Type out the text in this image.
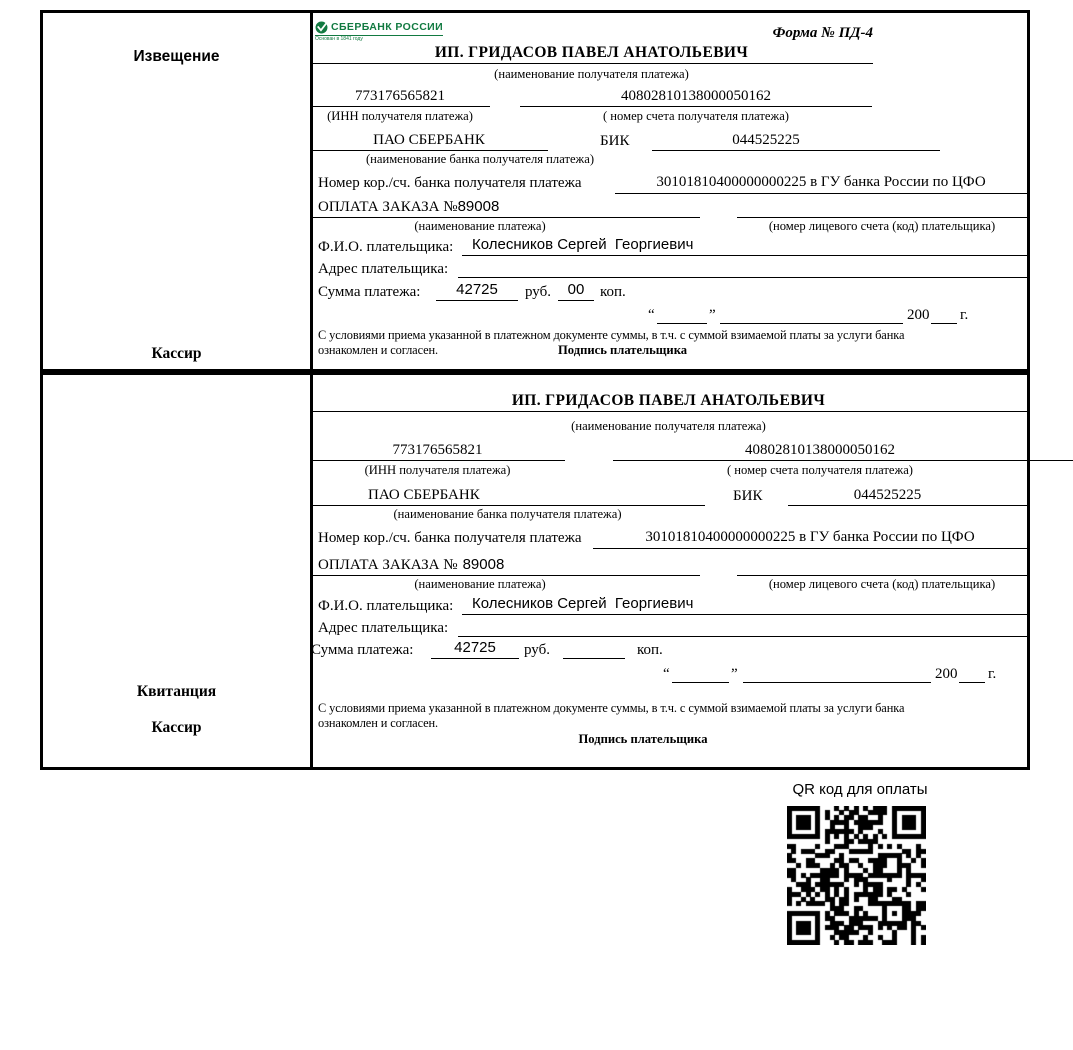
Извещение
Кассир
СБЕРБАНК РОССИИ
Основан в 1841 году	Форма № ПД-4
ИП. ГРИДАСОВ ПАВЕЛ АНАТОЛЬЕВИЧ
(наименование получателя платежа)
773176565821	40802810138000050162
(ИНН получателя платежа)	( номер счета получателя платежа)
ПАО СБЕРБАНК	БИК	044525225
(наименование банка получателя платежа)
Номер кор./сч. банка получателя платежа	30101810400000000225 в ГУ банка России по ЦФО
ОПЛАТА ЗАКАЗА №89008
(наименование платежа)	(номер лицевого счета (код) плательщика)
Ф.И.О. плательщика:	Колесников Сергей  Георгиевич
Адрес плательщика:
Сумма платежа:	42725	руб.	00	коп.
“	”	200 г.
С условиями приема указанной в платежном документе суммы, в т.ч. с суммой взимаемой платы за услуги банка
ознакомлен и согласен.	Подпись плательщика
Квитанция
Кассир
ИП. ГРИДАСОВ ПАВЕЛ АНАТОЛЬЕВИЧ
(наименование получателя платежа)
773176565821	40802810138000050162
(ИНН получателя платежа)	( номер счета получателя платежа)
ПАО СБЕРБАНК	БИК	044525225
(наименование банка получателя платежа)
Номер кор./сч. банка получателя платежа	30101810400000000225 в ГУ банка России по ЦФО
ОПЛАТА ЗАКАЗА № 89008
(наименование платежа)	(номер лицевого счета (код) плательщика)
Ф.И.О. плательщика:	Колесников Сергей  Георгиевич
Адрес плательщика:
Сумма платежа:	42725	руб.	коп.
“	”	200 г.
С условиями приема указанной в платежном документе суммы, в т.ч. с суммой взимаемой платы за услуги банка
ознакомлен и согласен.
Подпись плательщика
QR код для оплаты
